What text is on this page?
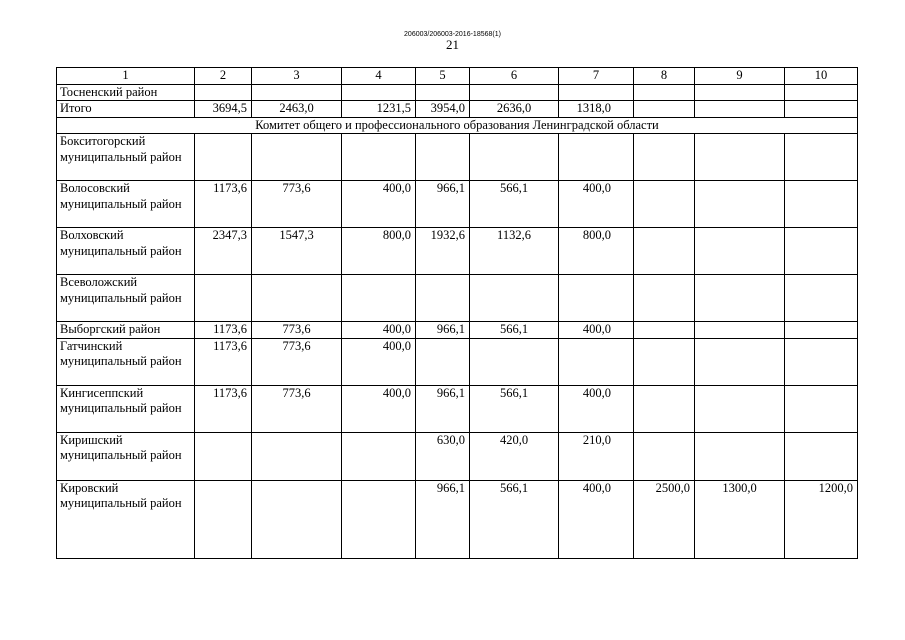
206003/206003-2016-18568(1)
21
1	2	3	4	5	6	7	8	9	10
Тосненский район									
Итого	3694,5	2463,0	1231,5	3954,0	2636,0	1318,0			
Комитет общего и профессионального образования Ленинградской области									
Бокситогорский муниципальный район									
Волосовский муниципальный район	1173,6	773,6	400,0	966,1	566,1	400,0			
Волховский муниципальный район	2347,3	1547,3	800,0	1932,6	1132,6	800,0			
Всеволожский муниципальный район									
Выборгский район	1173,6	773,6	400,0	966,1	566,1	400,0			
Гатчинский муниципальный район	1173,6	773,6	400,0						
Кингисеппский муниципальный район	1173,6	773,6	400,0	966,1	566,1	400,0			
Киришский муниципальный район				630,0	420,0	210,0			
Кировский муниципальный район				966,1	566,1	400,0	2500,0	1300,0	1200,0
